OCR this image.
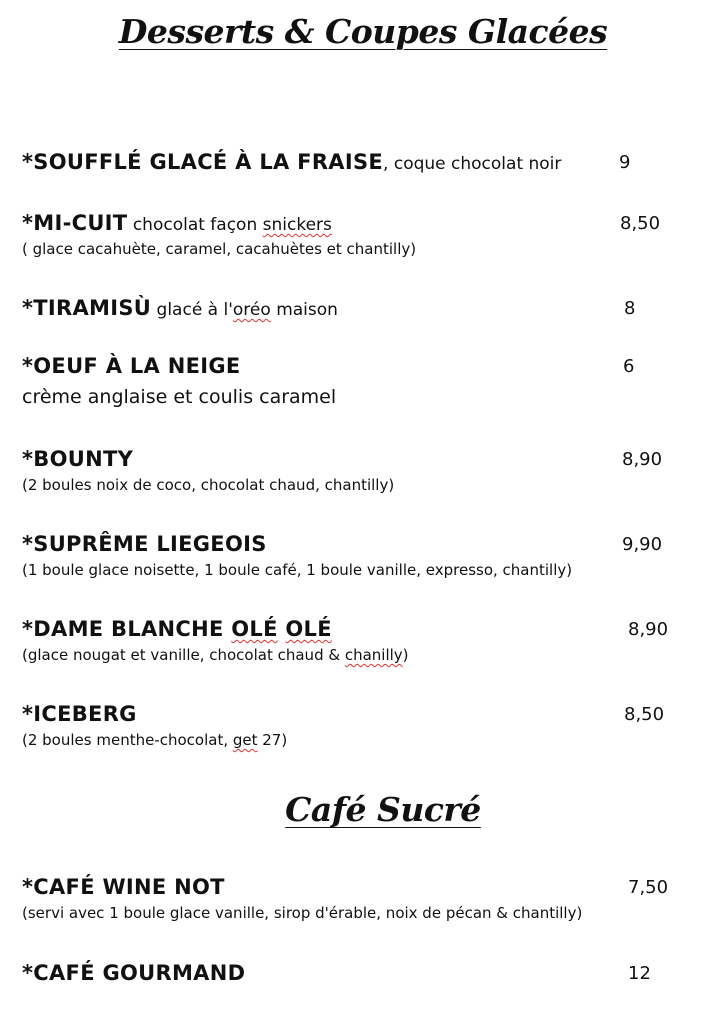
Desserts & Coupes Glacées
*SOUFFLÉ GLACÉ À LA FRAISE, coque chocolat noir	9
*MI-CUIT chocolat façon snickers	8,50
( glace cacahuète, caramel, cacahuètes et chantilly)
*TIRAMISÙ glacé à l'oréo maison	8
*OEUF À LA NEIGE	6
crème anglaise et coulis caramel
*BOUNTY	8,90
(2 boules noix de coco, chocolat chaud, chantilly)
*SUPRÊME LIEGEOIS	9,90
(1 boule glace noisette, 1 boule café, 1 boule vanille, expresso, chantilly)
*DAME BLANCHE OLÉ OLÉ	8,90
(glace nougat et vanille, chocolat chaud & chanilly)
*ICEBERG	8,50
(2 boules menthe-chocolat, get 27)
Café Sucré
*CAFÉ WINE NOT	7,50
(servi avec 1 boule glace vanille, sirop d'érable, noix de pécan & chantilly)
*CAFÉ GOURMAND	12
